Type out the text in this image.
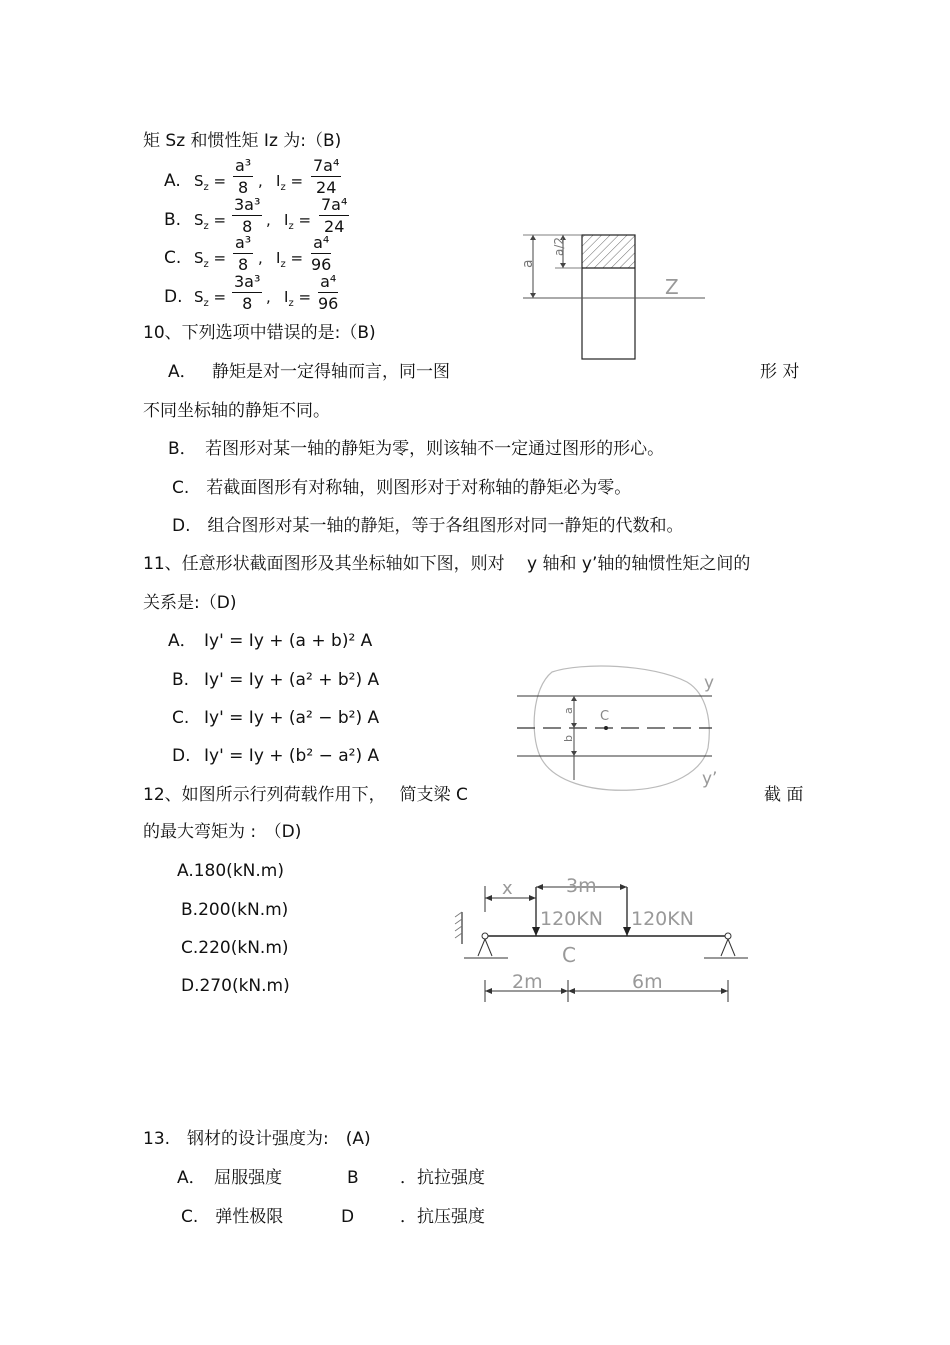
矩 Sz 和惯性矩 Iz 为:（B)
A. $S_z = \frac{\text{a³}}{8}$ , $I_z = \frac{\text{7a⁴}}{24}$
B. $S_z = \frac{\text{3a³}}{8}$ , $I_z = \frac{\text{7a⁴}}{24}$
C. $S_z = \frac{\text{a³}}{8}$ , $I_z = \frac{\text{a⁴}}{96}$
D. $S_z = \frac{\text{3a³}}{8}$ , $I_z = \frac{\text{a⁴}}{96}$
a
a/2
Z
10、下列选项中错误的是:（B)
A． 静矩是对一定得轴而言，同一图	形 对
不同坐标轴的静矩不同。
B．　若图形对某一轴的静矩为零，则该轴不一定通过图形的形心。
C.　若截面图形有对称轴，则图形对于对称轴的静矩必为零。
D.　组合图形对某一轴的静矩，等于各组图形对同一静矩的代数和。
11、任意形状截面图形及其坐标轴如下图，则对　 y 轴和 y’轴的轴惯性矩之间的
关系是:（D)
A． Iy' = Iy + (a + b)² A
B. Iy' = Iy + (a² + b²) A
C. Iy' = Iy + (a² − b²) A
D. Iy' = Iy + (b² − a²) A
C
a
b
y
y’
12、如图所示行列荷载作用下，　 简支梁 C	截 面
的最大弯矩为 :　（D)
A.180(kN.m)
B.200(kN.m)
C.220(kN.m)
D.270(kN.m)
x	3m
120KN 120KN
C
2m	6m
13.　钢材的设计强度为:　(A)
A．　屈服强度	B ．抗拉强度
C.　弹性极限	D	．抗压强度
